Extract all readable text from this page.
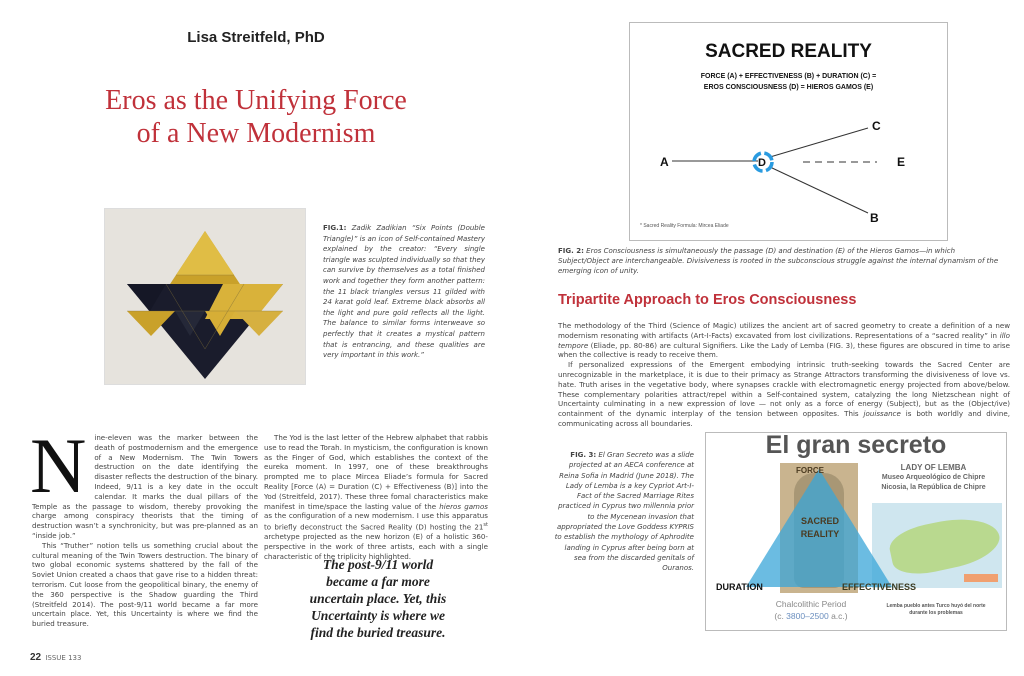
Lisa Streitfeld, PhD
Eros as the Unifying Force
of a New Modernism
FIG.1: Zadik Zadikian “Six Points (Double Triangle)” is an icon of Self-contained Mastery explained by the creator: “Every single triangle was sculpted individually so that they can survive by themselves as a total finished work and together they form another pattern: the 11 black triangles versus 11 gilded with 24 karat gold leaf. Extreme black absorbs all the light and pure gold reflects all the light. The balance to similar forms interweave so perfectly that it creates a mystical pattern that is entrancing, and these qualities are very important in this work.”
N	ine-eleven was the marker between the death of postmodernism and the emergence of a New Modernism. The Twin Towers destruction on the date identifying the disaster reflects the destruction of the binary. Indeed, 9/11 is a key date in the occult calendar. It marks the dual pillars of the Temple as the passage to wisdom, thereby provoking the charge among conspiracy theorists that the timing of destruction wasn’t a synchronicity, but was pre-planned as an “inside job.”
This “Truther” notion tells us something crucial about the cultural meaning of the Twin Towers destruction. The binary of two global economic systems shattered by the fall of the Soviet Union created a chaos that gave rise to a hidden threat: terrorism. Cut loose from the geopolitical binary, the enemy of the 360 perspective is the Shadow guarding the Third (Streitfeld 2014). The post-9/11 world became a far more uncertain place. Yet, this Uncertainty is where we find the buried treasure.
The Yod is the last letter of the Hebrew alphabet that rabbis use to read the Torah. In mysticism, the configuration is known as the Finger of God, which establishes the context of the eureka moment. In 1997, one of these breakthroughs prompted me to place Mircea Eliade’s formula for Sacred Reality [Force (A) = Duration (C) + Effectiveness (B)] into the Yod (Streitfeld, 2017). These three fomal characteristics make manifest in time/space the lasting value of the hieros gamos as the configuration of a new modernism. I use this apparatus to briefly deconstruct the Sacred Reality (D) hosting the 21st archetype projected as the new horizon (E) of a holistic 360-perspective in the work of three artists, each with a single characteristic of the triplicity highlighted.
The post-9/11 world
became a far more
uncertain place. Yet, this
Uncertainty is where we
find the buried treasure.
22 ISSUE 133
SACRED REALITY
FORCE (A) + EFFECTIVENESS (B) + DURATION (C) =
EROS CONSCIOUSNESS (D) = HIEROS GAMOS (E)
A	D
C
E
B
* Sacred Reality Formula: Mircea Eliade
FIG. 2: Eros Consciousness is simultaneously the passage (D) and destination (E) of the Hieros Gamos—in which Subject/Object are interchangeable. Divisiveness is rooted in the subconscious struggle against the internal dynamism of the emerging icon of unity.
Tripartite Approach to Eros Consciousness
The methodology of the Third (Science of Magic) utilizes the ancient art of sacred geometry to create a definition of a new modernism resonating with artifacts (Art-I-Facts) excavated from lost civilizations. Representations of a “sacred reality” in illo tempore (Eliade, pp. 80-86) are cultural Signifiers. Like the Lady of Lemba (FIG. 3), these figures are obscured in time to arise when the collective is ready to receive them.
If personalized expressions of the Emergent embodying intrinsic truth-seeking towards the Sacred Center are unrecognizable in the marketplace, it is due to their primacy as Strange Attractors transforming the divisiveness of love vs. hate. Truth arises in the vegetative body, where synapses crackle with electromagnetic energy projected from above/below. These complementary polarities attract/repel within a Self-contained system, catalyzing the long Nietzschean night of Uncertainty culminating in a new expression of love — not only as a force of energy (Subject), but as the (Object/ive) containment of the dynamic interplay of the tension between opposites. This jouissance is both worldly and divine, communicating across all boundaries.
FIG. 3: El Gran Secreto was a slide projected at an AECA conference at Reina Sofia in Madrid (June 2018). The Lady of Lemba is a key Cypriot Art-I-Fact of the Sacred Marriage Rites practiced in Cyprus two millennia prior to the Mycenean invasion that appropriated the Love Goddess KYPRIS to establish the mythology of Aphrodite landing in Cyprus after being born at sea from the discarded genitals of Ouranos.
El gran secreto
FORCE
SACRED
REALITY
DURATION	EFFECTIVENESS
LADY OF LEMBA
Museo Arqueológico de Chipre
Nicosia, la República de Chipre
Chalcolithic Period
(c. 3800–2500 a.c.)
Lemba pueblo antes Turco huyó del norte
durante los problemas
